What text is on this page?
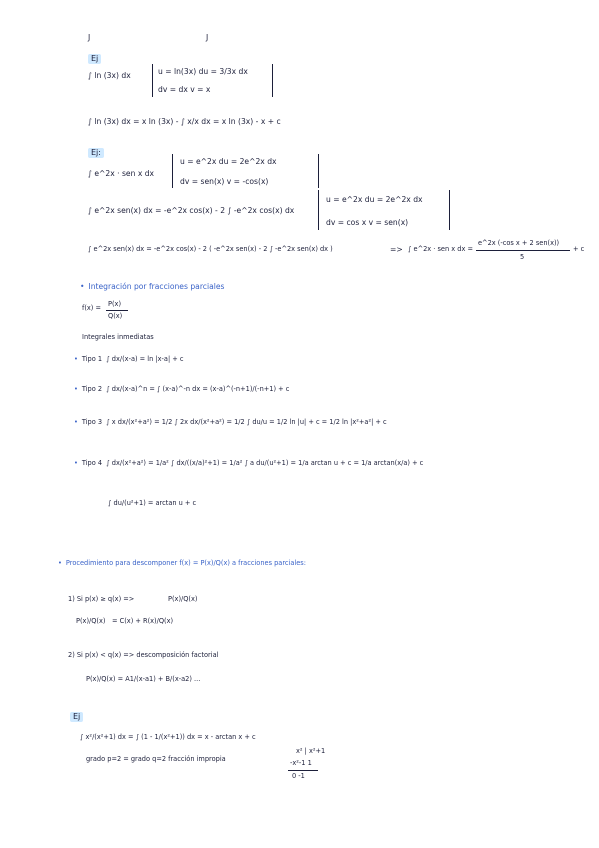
J	J
Ej
∫ ln (3x) dx	u = ln(3x) du = 3/3x dx
dv = dx v = x
∫ ln (3x) dx = x ln (3x) - ∫ x/x dx = x ln (3x) - x + c
Ej:
∫ e^2x · sen x dx
u = e^2x du = 2e^2x dx
dv = sen(x) v = -cos(x)
∫ e^2x sen(x) dx = -e^2x cos(x) - 2 ∫ -e^2x cos(x) dx
u = e^2x du = 2e^2x dx
dv = cos x v = sen(x)
∫ e^2x sen(x) dx = -e^2x cos(x) - 2 ( -e^2x sen(x) - 2 ∫ -e^2x sen(x) dx )	=> ∫ e^2x · sen x dx =
e^2x (-cos x + 2 sen(x))
5
+ c
• Integración por fracciones parciales
f(x) = P(x)
Q(x)
Integrales inmediatas
• Tipo 1 ∫ dx/(x-a) = ln |x-a| + c
• Tipo 2 ∫ dx/(x-a)^n = ∫ (x-a)^-n dx = (x-a)^(-n+1)/(-n+1) + c
• Tipo 3 ∫ x dx/(x²+a²) = 1/2 ∫ 2x dx/(x²+a²) = 1/2 ∫ du/u = 1/2 ln |u| + c = 1/2 ln |x²+a²| + c
• Tipo 4 ∫ dx/(x²+a²) = 1/a² ∫ dx/((x/a)²+1) = 1/a² ∫ a du/(u²+1) = 1/a arctan u + c = 1/a arctan(x/a) + c
∫ du/(u²+1) = arctan u + c
• Procedimiento para descomponer f(x) = P(x)/Q(x) a fracciones parciales:
1) Si p(x) ≥ q(x) =>	P(x)/Q(x)
P(x)/Q(x) = C(x) + R(x)/Q(x)
2) Si p(x) < q(x) => descomposición factorial
P(x)/Q(x) = A1/(x-a1) + B/(x-a2) ...
Ej
∫ x²/(x²+1) dx = ∫ (1 - 1/(x²+1)) dx = x - arctan x + c
grado p=2 = grado q=2 fracción impropia
x² | x²+1
-x²-1 1
0 -1
